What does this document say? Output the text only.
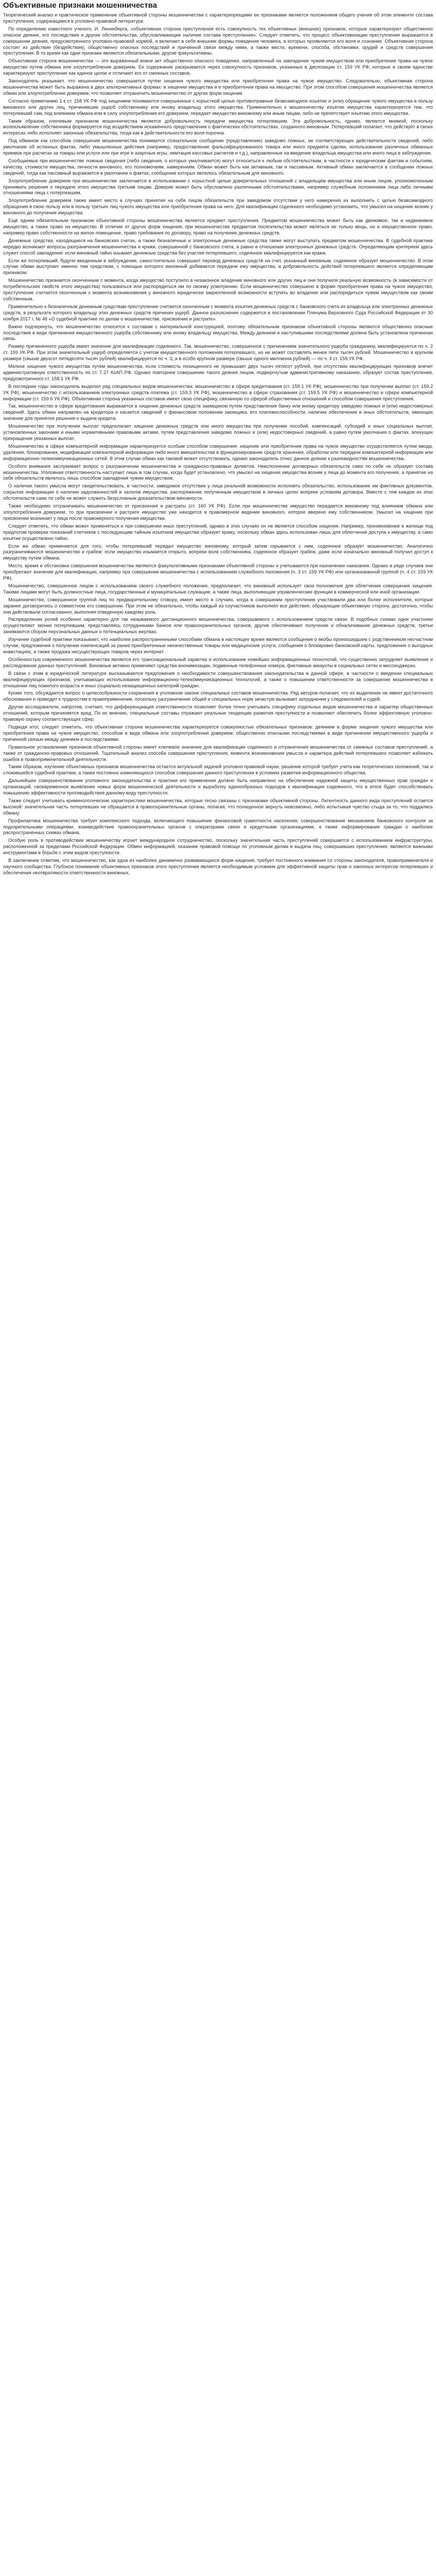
Объективные признаки мошенничества

Теоретический анализ и практическое применение объективной стороны мошенничества с характеризующими ее признаками является положением общего учения об этом элементе состава преступления, содержащимся в уголовно-правовой литературе.

По определению известного ученого, И. Ленинберга, «объективная сторона преступления есть совокупность тех объективных (внешних) признаков, которые характеризуют общественно опасное деяние, его последствия и другие обстоятельства, обусловливающие наличие состава преступления». Следует отметить, что процесс объективизации преступления выражается в совершении деяния, предусмотренного уголовно-правовой нормой, и включает в себя внешние формы поведения человека, в которых проявляются его воля и сознание. Объективная сторона состоит из действия (бездействия), общественно опасных последствий и причинной связи между ними, а также места, времени, способа, обстановки, орудий и средств совершения преступления. В то время как одни признаки являются обязательными, другие факультативны.

Объективная сторона мошенничества — это выраженный вовне акт общественно опасного поведения, направленный на завладение чужим имуществом или приобретение права на чужое имущество путем обмана или злоупотребления доверием. Ее содержание раскрывается через совокупность признаков, указанных в диспозиции ст. 159 УК РФ, которые в своем единстве характеризуют преступление как единое целое и отличают его от смежных составов.

Законодатель указывает, что мошенничество совершается путем хищения чужого имущества или приобретения права на чужое имущество. Следовательно, объективная сторона мошенничества может быть выражена в двух альтернативных формах: в хищении имущества и в приобретении права на имущество. При этом способом совершения мошенничества является обман или злоупотребление доверием, что позволяет отграничить мошенничество от других форм хищения.

Согласно примечанию 1 к ст. 158 УК РФ под хищением понимаются совершенные с корыстной целью противоправные безвозмездное изъятие и (или) обращение чужого имущества в пользу виновного или других лиц, причинившие ущерб собственнику или иному владельцу этого имущества. Применительно к мошенничеству изъятие имущества характеризуется тем, что потерпевший сам, под влиянием обмана или в силу злоупотребления его доверием, передает имущество виновному или иным лицам, либо не препятствует изъятию этого имущества.

Таким образом, ключевым признаком мошенничества является добровольность передачи имущества потерпевшим. Эта добровольность, однако, является мнимой, поскольку волеизъявление собственника формируется под воздействием искажённого представления о фактических обстоятельствах, созданного виновным. Потерпевший полагает, что действует в своих интересах либо исполняет законные обязательства, тогда как в действительности его воля порочна.

Под обманом как способом совершения мошенничества понимается сознательное сообщение (представление) заведомо ложных, не соответствующих действительности сведений, либо умолчание об истинных фактах, либо умышленные действия (например, предоставление фальсифицированного товара или иного предмета сделки, использование различных обманных приемов при расчетах за товары или услуги или при игре в азартные игры, имитация кассовых расчетов и т.д.), направленные на введение владельца имущества или иного лица в заблуждение.

Сообщаемые при мошенничестве ложные сведения (либо сведения, о которых умалчивается) могут относиться к любым обстоятельствам, в частности к юридическим фактам и событиям, качеству, стоимости имущества, личности виновного, его полномочиям, намерениям. Обман может быть как активным, так и пассивным. Активный обман заключается в сообщении ложных сведений, тогда как пассивный выражается в умолчании о фактах, сообщение которых являлось обязательным для виновного.

Злоупотребление доверием при мошенничестве заключается в использовании с корыстной целью доверительных отношений с владельцем имущества или иным лицом, уполномоченным принимать решения о передаче этого имущества третьим лицам. Доверие может быть обусловлено различными обстоятельствами, например служебным положением лица либо личными отношениями лица с потерпевшим.

Злоупотребление доверием также имеет место в случаях принятия на себя лицом обязательств при заведомом отсутствии у него намерения их выполнить с целью безвозмездного обращения в свою пользу или в пользу третьих лиц чужого имущества или приобретения права на него. Для квалификации содеянного необходимо установить, что умысел на хищение возник у виновного до получения имущества.

Ещё одним обязательным признаком объективной стороны мошенничества является предмет преступления. Предметом мошенничества может быть как движимое, так и недвижимое имущество, а также право на имущество. В отличие от других форм хищения, при мошенничестве предметом посягательства может являться не только вещь, но и имущественное право, например право собственности на жилое помещение, право требования по договору, право на получение денежных средств.

Денежные средства, находящиеся на банковских счетах, а также безналичные и электронные денежные средства также могут выступать предметом мошенничества. В судебной практике нередко возникают вопросы разграничения мошенничества и кражи, совершенной с банковского счета, а равно в отношении электронных денежных средств. Определяющим критерием здесь служит способ завладения: если виновный тайно изымает денежные средства без участия потерпевшего, содеянное квалифицируется как кража.

Если же потерпевший, будучи введенным в заблуждение, самостоятельно совершает перевод денежных средств на счет, указанный виновным, содеянное образует мошенничество. В этом случае обман выступает именно тем средством, с помощью которого виновный добивается передачи ему имущества, а добровольность действий потерпевшего является определяющим признаком.

Мошенничество признается оконченным с момента, когда имущество поступило в незаконное владение виновного или других лиц и они получили реальную возможность (в зависимости от потребительских свойств этого имущества) пользоваться или распорядиться им по своему усмотрению. Если мошенничество совершено в форме приобретения права на чужое имущество, преступление считается оконченным с момента возникновения у виновного юридически закрепленной возможности вступить во владение или распорядиться чужим имуществом как своим собственным.

Применительно к безналичным денежным средствам преступление считается оконченным с момента изъятия денежных средств с банковского счета их владельца или электронных денежных средств, в результате которого владельцу этих денежных средств причинен ущерб. Данное разъяснение содержится в постановлении Пленума Верховного Суда Российской Федерации от 30 ноября 2017 г. № 48 «О судебной практике по делам о мошенничестве, присвоении и растрате».

Важно подчеркнуть, что мошенничество относится к составам с материальной конструкцией, поэтому обязательным признаком объективной стороны являются общественно опасные последствия в виде причинения имущественного ущерба собственнику или иному владельцу имущества. Между деянием и наступившими последствиями должна быть установлена причинная связь.

Размер причиненного ущерба имеет значение для квалификации содеянного. Так, мошенничество, совершенное с причинением значительного ущерба гражданину, квалифицируется по ч. 2 ст. 159 УК РФ. При этом значительный ущерб определяется с учетом имущественного положения потерпевшего, но не может составлять менее пяти тысяч рублей. Мошенничество в крупном размере (свыше двухсот пятидесяти тысяч рублей) квалифицируется по ч. 3, а в особо крупном размере (свыше одного миллиона рублей) — по ч. 4 ст. 159 УК РФ.

Мелкое хищение чужого имущества путем мошенничества, если стоимость похищенного не превышает двух тысяч пятисот рублей, при отсутствии квалифицирующих признаков влечет административную ответственность по ст. 7.27 КоАП РФ. Однако повторное совершение такого деяния лицом, подвергнутым административному наказанию, образует состав преступления, предусмотренного ст. 158.1 УК РФ.

В последние годы законодатель выделил ряд специальных видов мошенничества: мошенничество в сфере кредитования (ст. 159.1 УК РФ), мошенничество при получении выплат (ст. 159.2 УК РФ), мошенничество с использованием электронных средств платежа (ст. 159.3 УК РФ), мошенничество в сфере страхования (ст. 159.5 УК РФ) и мошенничество в сфере компьютерной информации (ст. 159.6 УК РФ). Объективная сторона указанных составов имеет свою специфику, связанную со сферой общественных отношений и способом совершения преступления.

Так, мошенничество в сфере кредитования выражается в хищении денежных средств заемщиком путем представления банку или иному кредитору заведомо ложных и (или) недостоверных сведений. Здесь обман направлен на кредитора и касается сведений о финансовом положении заемщика, его платежеспособности, наличии обеспечения и иных обстоятельств, имеющих значение для принятия решения о выдаче кредита.

Мошенничество при получении выплат предполагает хищение денежных средств или иного имущества при получении пособий, компенсаций, субсидий и иных социальных выплат, установленных законами и иными нормативными правовыми актами, путем представления заведомо ложных и (или) недостоверных сведений, а равно путем умолчания о фактах, влекущих прекращение указанных выплат.

Мошенничество в сфере компьютерной информации характеризуется особым способом совершения: хищение или приобретение права на чужое имущество осуществляется путем ввода, удаления, блокирования, модификации компьютерной информации либо иного вмешательства в функционирование средств хранения, обработки или передачи компьютерной информации или информационно-телекоммуникационных сетей. В этом случае обман как таковой может отсутствовать, однако законодатель отнес данное деяние к разновидностям мошенничества.

Особого внимания заслуживает вопрос о разграничении мошенничества и гражданско-правовых деликтов. Неисполнение договорных обязательств само по себе не образует состава мошенничества. Уголовная ответственность наступает лишь в том случае, когда будет установлено, что умысел на хищение имущества возник у лица до момента его получения, а принятие на себя обязательств являлось лишь способом завладения чужим имуществом.

О наличии такого умысла могут свидетельствовать, в частности, заведомое отсутствие у лица реальной возможности исполнить обязательство, использование им фиктивных документов, сокрытие информации о наличии задолженностей и залогов имущества, распоряжение полученным имуществом в личных целях вопреки условиям договора. Вместе с тем каждое из этих обстоятельств само по себе не может служить безусловным доказательством виновности.

Также необходимо отграничивать мошенничество от присвоения и растраты (ст. 160 УК РФ). Если при мошенничестве имущество передается виновному под влиянием обмана или злоупотребления доверием, то при присвоении и растрате имущество уже находится в правомерном ведении виновного, которое вверено ему собственником. Умысел на хищение при присвоении возникает у лица после правомерного получения имущества.

Следует отметить, что обман может применяться и при совершении иных преступлений, однако в этих случаях он не является способом хищения. Например, проникновение в жилище под предлогом проверки показаний счетчиков с последующим тайным изъятием имущества образует кражу, поскольку обман здесь использован лишь для облегчения доступа к имуществу, а само изъятие осуществлено тайно.

Если же обман применяется для того, чтобы потерпевший передал имущество виновному, который затем скрывается с ним, содеянное образует мошенничество. Аналогично разграничиваются мошенничество и грабеж: если имущество изымается открыто, вопреки воле собственника, содеянное образует грабеж, даже если изначально виновный получил доступ к имуществу путем обмана.

Место, время и обстановка совершения мошенничества являются факультативными признаками объективной стороны и учитываются при назначении наказания. Однако в ряде случаев они приобретают значение для квалификации, например при совершении мошенничества с использованием служебного положения (ч. 3 ст. 159 УК РФ) или организованной группой (ч. 4 ст. 159 УК РФ).

Мошенничество, совершенное лицом с использованием своего служебного положения, предполагает, что виновный использует свои полномочия для облегчения совершения хищения. Такими лицами могут быть должностные лица, государственные и муниципальные служащие, а также лица, выполняющие управленческие функции в коммерческой или иной организации.

Мошенничество, совершенное группой лиц по предварительному сговору, имеет место в случаях, когда в совершении преступления участвовали два или более исполнителя, которые заранее договорились о совместном его совершении. При этом не обязательно, чтобы каждый из соучастников выполнял все действия, образующие объективную сторону, достаточно, чтобы они действовали согласованно, выполняя отведенную каждому роль.

Распределение ролей особенно характерно для так называемого дистанционного мошенничества, совершаемого с использованием средств связи. В подобных схемах одни участники осуществляют звонки потерпевшим, представляясь сотрудниками банков или правоохранительных органов, другие обеспечивают получение и обналичивание денежных средств, третьи занимаются сбором персональных данных о потенциальных жертвах.

Изучение судебной практики показывает, что наиболее распространенными способами обмана в настоящее время являются сообщения о якобы произошедшем с родственником несчастном случае, предложения о получении компенсаций за ранее приобретенные некачественные товары или медицинские услуги, сообщения о блокировке банковской карты, предложения о выгодных инвестициях, а также продажа несуществующих товаров через интернет.

Особенностью современного мошенничества является его транснациональный характер и использование новейших информационных технологий, что существенно затрудняет выявление и расследование данных преступлений. Виновные активно применяют средства анонимизации, подменные телефонные номера, фиктивные аккаунты в социальных сетях и мессенджерах.

В связи с этим в юридической литературе высказываются предложения о необходимости совершенствования законодательства в данной сфере, в частности о введении специальных квалифицирующих признаков, учитывающих использование информационно-телекоммуникационных технологий, а также о повышении ответственности за совершение мошенничества в отношении лиц пожилого возраста и иных социально незащищенных категорий граждан.

Кроме того, обсуждается вопрос о целесообразности сохранения в уголовном законе специальных составов мошенничества. Ряд авторов полагает, что их выделение не имеет достаточного обоснования и приводит к трудностям в правоприменении, поскольку разграничение общей и специальных норм зачастую вызывает затруднения у следователей и судей.

Другие исследователи, напротив, считают, что дифференциация ответственности позволяет более точно учитывать специфику отдельных видов мошенничества и характер общественных отношений, которым причиняется вред. По их мнению, специальные составы отражают реальные тенденции развития преступности и позволяют обеспечить более эффективную уголовно-правовую охрану соответствующих сфер.

Подводя итог, следует отметить, что объективная сторона мошенничества характеризуется совокупностью обязательных признаков: деянием в форме хищения чужого имущества или приобретения права на чужое имущество, способом в виде обмана или злоупотребления доверием, общественно опасными последствиями в виде причинения имущественного ущерба и причинной связью между деянием и последствиями.

Правильное установление признаков объективной стороны имеет ключевое значение для квалификации содеянного и отграничения мошенничества от смежных составов преступлений, а также от гражданско-правовых отношений. Тщательный анализ способа совершения преступления, момента возникновения умысла и характера действий потерпевшего позволяет избежать ошибок в правоприменительной деятельности.

Таким образом, изучение объективных признаков мошенничества остается актуальной задачей уголовно-правовой науки, решение которой требует учета как теоретических положений, так и сложившейся судебной практики, а также постоянно изменяющихся способов совершения данного преступления в условиях развития информационного общества.

Дальнейшее совершенствование уголовного законодательства и практики его применения должно быть направлено на обеспечение надежной защиты имущественных прав граждан и организаций, своевременное выявление новых форм мошеннической деятельности и выработку единообразных подходов к квалификации содеянного, что в итоге будет способствовать повышению эффективности противодействия данному виду преступности.

Также следует учитывать криминологические характеристики мошенничества, которые тесно связаны с признаками объективной стороны. Латентность данного вида преступлений остается высокой: значительная часть потерпевших не обращается в правоохранительные органы, полагая, что похищенное вернуть невозможно, либо испытывая чувство стыда за то, что поддались обману.

Профилактика мошенничества требует комплексного подхода, включающего повышение финансовой грамотности населения, совершенствование механизмов банковского контроля за подозрительными операциями, взаимодействие правоохранительных органов с операторами связи и кредитными организациями, а также информирование граждан о наиболее распространенных схемах обмана.

Особую роль в противодействии мошенничеству играет международное сотрудничество, поскольку значительная часть преступлений совершается с использованием инфраструктуры, расположенной за пределами Российской Федерации. Обмен информацией, оказание правовой помощи по уголовным делам и выдача лиц, совершивших преступления, являются важными инструментами в борьбе с этим видом преступности.

В заключение отметим, что мошенничество, как одна из наиболее динамично развивающихся форм хищения, требует постоянного внимания со стороны законодателя, правоприменителя и научного сообщества. Глубокое понимание объективных признаков этого преступления является необходимым условием для эффективной защиты прав и законных интересов потерпевших и обеспечения неотвратимости ответственности виновных.
